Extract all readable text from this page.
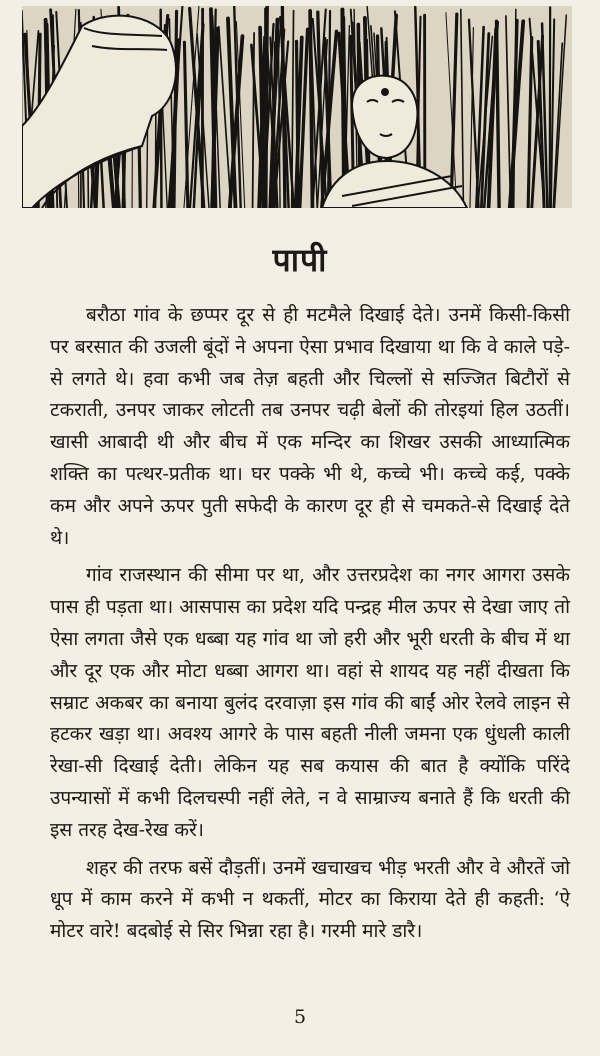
पापी

बरौठा गांव के छप्पर दूर से ही मटमैले दिखाई देते। उनमें किसी-किसी पर बरसात की उजली बूंदों ने अपना ऐसा प्रभाव दिखाया था कि वे काले पड़े-से लगते थे। हवा कभी जब तेज़ बहती और चिल्लों से सज्जित बिटौरों से टकराती, उनपर जाकर लोटती तब उनपर चढ़ी बेलों की तोरइयां हिल उठतीं। खासी आबादी थी और बीच में एक मन्दिर का शिखर उसकी आध्यात्मिक शक्ति का पत्थर-प्रतीक था। घर पक्के भी थे, कच्चे भी। कच्चे कई, पक्के कम और अपने ऊपर पुती सफेदी के कारण दूर ही से चमकते-से दिखाई देते थे।

गांव राजस्थान की सीमा पर था, और उत्तरप्रदेश का नगर आगरा उसके पास ही पड़ता था। आसपास का प्रदेश यदि पन्द्रह मील ऊपर से देखा जाए तो ऐसा लगता जैसे एक धब्बा यह गांव था जो हरी और भूरी धरती के बीच में था और दूर एक और मोटा धब्बा आगरा था। वहां से शायद यह नहीं दीखता कि सम्राट अकबर का बनाया बुलंद दरवाज़ा इस गांव की बाईं ओर रेलवे लाइन से हटकर खड़ा था। अवश्य आगरे के पास बहती नीली जमना एक धुंधली काली रेखा-सी दिखाई देती। लेकिन यह सब कयास की बात है क्योंकि परिंदे उपन्यासों में कभी दिलचस्पी नहीं लेते, न वे साम्राज्य बनाते हैं कि धरती की इस तरह देख-रेख करें।

शहर की तरफ बसें दौड़तीं। उनमें खचाखच भीड़ भरती और वे औरतें जो धूप में काम करने में कभी न थकतीं, मोटर का किराया देते ही कहती: ‘ऐ मोटर वारे! बदबोई से सिर भिन्ना रहा है। गरमी मारे डारै।

5
